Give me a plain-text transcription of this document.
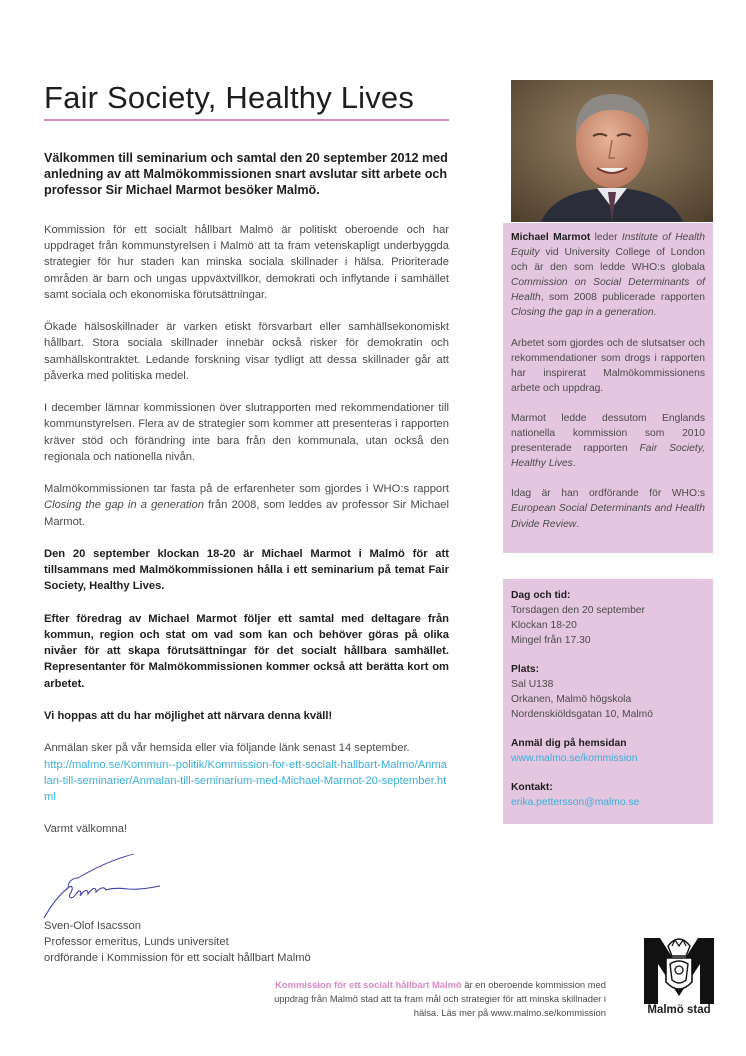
Fair Society, Healthy Lives
Välkommen till seminarium och samtal den 20 september 2012 med anledning av att Malmökommissionen snart avslutar sitt arbete och professor Sir Michael Marmot besöker Malmö.

Kommission för ett socialt hållbart Malmö är politiskt oberoende och har uppdraget från kommunstyrelsen i Malmö att ta fram vetenskapligt underbyggda strategier för hur staden kan minska sociala skillnader i hälsa. Prioriterade områden är barn och ungas uppväxtvillkor, demokrati och inflytande i samhället samt sociala och ekonomiska förutsättningar.

Ökade hälsoskillnader är varken etiskt försvarbart eller samhällsekonomiskt hållbart. Stora sociala skillnader innebär också risker för demokratin och samhällskontraktet. Ledande forskning visar tydligt att dessa skillnader går att påverka med politiska medel.

I december lämnar kommissionen över slutrapporten med rekommendationer till kommunstyrelsen. Flera av de strategier som kommer att presenteras i rapporten kräver stöd och förändring inte bara från den kommunala, utan också den regionala och nationella nivån.

Malmökommissionen tar fasta på de erfarenheter som gjordes i WHO:s rapport Closing the gap in a generation från 2008, som leddes av professor Sir Michael Marmot.

Den 20 september klockan 18-20 är Michael Marmot i Malmö för att tillsammans med Malmökommissionen hålla i ett seminarium på temat Fair Society, Healthy Lives.

Efter föredrag av Michael Marmot följer ett samtal med deltagare från kommun, region och stat om vad som kan och behöver göras på olika nivåer för att skapa förutsättningar för det socialt hållbara samhället. Representanter för Malmökommissionen kommer också att berätta kort om arbetet.

Vi hoppas att du har möjlighet att närvara denna kväll!

Anmälan sker på vår hemsida eller via följande länk senast 14 september.
http://malmo.se/Kommun--politik/Kommission-for-ett-socialt-hallbart-Malmo/Anmalan-till-seminarier/Anmalan-till-seminarium-med-Michael-Marmot-20-september.html

Varmt välkomna!

Sven-Olof Isacsson
Professor emeritus, Lunds universitet
ordförande i Kommission för ett socialt hållbart Malmö

Michael Marmot leder Institute of Health Equity vid University College of London och är den som ledde WHO:s globala Commission on Social Determinants of Health, som 2008 publicerade rapporten Closing the gap in a generation.

Arbetet som gjordes och de slutsatser och rekommendationer som drogs i rapporten har inspirerat Malmökommissionens arbete och uppdrag.

Marmot ledde dessutom Englands nationella kommission som 2010 presenterade rapporten Fair Society, Healthy Lives.

Idag är han ordförande för WHO:s European Social Determinants and Health Divide Review.

Dag och tid:
Torsdagen den 20 september
Klockan 18-20
Mingel från 17.30
Plats:
Sal U138
Orkanen, Malmö högskola
Nordenskiöldsgatan 10, Malmö
Anmäl dig på hemsidan
www.malmo.se/kommission
Kontakt:
erika.pettersson@malmo.se
Kommission för ett socialt hållbart Malmö är en oberoende kommission med uppdrag från Malmö stad att ta fram mål och strategier för att minska skillnader i hälsa. Läs mer på www.malmo.se/kommission	Malmö stad
